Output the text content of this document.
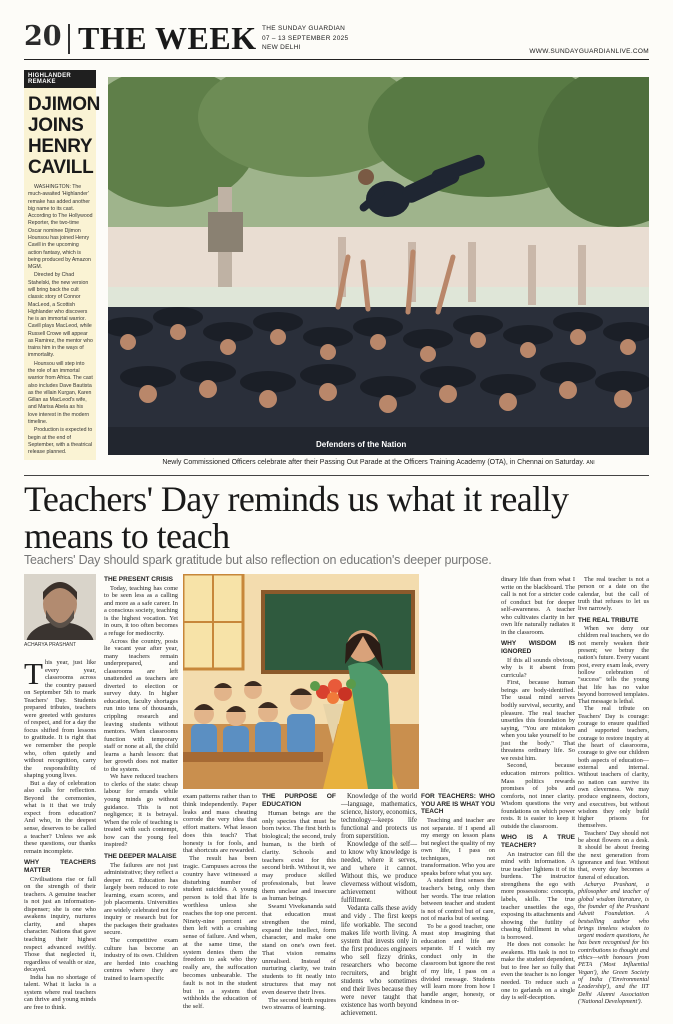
20 THE WEEK THE SUNDAY GUARDIAN
07 – 13 SEPTEMBER 2025
NEW DELHI
WWW.SUNDAYGUARDIANLIVE.COM
HIGHLANDER REMAKE
DJIMON
JOINS
HENRY
CAVILL

WASHINGTON: The much-awaited 'Highlander' remake has added another big name to its cast. According to The Hollywood Reporter, the two-time Oscar nominee Djimon Hounsou has joined Henry Cavill in the upcoming action fantasy, which is being produced by Amazon MGM.

Directed by Chad Stahelski, the new version will bring back the cult classic story of Connor MacLeod, a Scottish Highlander who discovers he is an immortal warrior. Cavill plays MacLeod, while Russell Crowe will appear as Ramirez, the mentor who trains him in the ways of immortality.

Hounsou will step into the role of an immortal warrior from Africa. The cast also includes Dave Bautista as the villain Kurgan, Karen Gillan as MacLeod's wife, and Marisa Abela as his love interest in the modern timeline.

Production is expected to begin at the end of September, with a theatrical release planned.

Defenders of the Nation
Newly Commissioned Officers celebrate after their Passing Out Parade at the Officers Training Academy (OTA), in Chennai on Saturday. ANI
Teachers' Day reminds us what it really
means to teach
Teachers' Day should spark gratitude but also reflection on education's deeper purpose.
ACHARYA PRASHANT

This year, just like every year, classrooms across the country paused on September 5th to mark Teachers' Day. Students prepared tributes, teachers were greeted with gestures of respect, and for a day the focus shifted from lessons to gratitude. It is right that we remember the people who, often quietly and without recognition, carry the responsibility of shaping young lives.

But a day of celebration also calls for reflection. Beyond the ceremonies, what is it that we truly expect from education? And who, in the deepest sense, deserves to be called a teacher? Unless we ask these questions, our thanks remain incomplete.

WHY TEACHERS MATTER

Civilisations rise or fall on the strength of their teachers. A genuine teacher is not just an information-dispenser; she is one who awakens inquiry, nurtures clarity, and shapes character. Nations that gave teaching their highest respect advanced swiftly. Those that neglected it, regardless of wealth or size, decayed.

India has no shortage of talent. What it lacks is a system where real teachers can thrive and young minds are free to think.

THE PRESENT CRISIS

Today, teaching has come to be seen less as a calling and more as a safe career. In a conscious society, teaching is the highest vocation. Yet in ours, it too often becomes a refuge for mediocrity.

Across the country, posts lie vacant year after year, many teachers remain underprepared, and classrooms are left unattended as teachers are diverted to election or survey duty. In higher education, faculty shortages run into tens of thousands, crippling research and leaving students without mentors. When classrooms function with temporary staff or none at all, the child learns a harsh lesson: that her growth does not matter to the system.

We have reduced teachers to clerks of the state: cheap labour for errands while young minds go without guidance. This is not negligence; it is betrayal. When the role of teaching is treated with such contempt, how can the young feel inspired?

THE DEEPER MALAISE

The failures are not just administrative; they reflect a deeper rot. Education has largely been reduced to rote learning, exam scores, and job placements. Universities are widely celebrated not for inquiry or research but for the packages their graduates secure.

The competitive exam culture has become an industry of its own. Children are herded into coaching centres where they are trained to learn specific

exam patterns rather than to think independently. Paper leaks and mass cheating corrode the very idea that effort matters. What lesson does this teach? That honesty is for fools, and that shortcuts are rewarded.

The result has been tragic. Campuses across the country have witnessed a disturbing number of student suicides. A young person is told that life is worthless unless she reaches the top one percent. Ninety-nine percent are then left with a crushing sense of failure. And when, at the same time, the system denies them the freedom to ask who they really are, the suffocation becomes unbearable. The fault is not in the student but in a system that withholds the education of the self.

THE PURPOSE OF EDUCATION

Human beings are the only species that must be born twice. The first birth is biological; the second, truly human, is the birth of clarity. Schools and teachers exist for this second birth. Without it, we may produce skilled professionals, but leave them unclear and insecure as human beings.

Swami Vivekananda said that education must strengthen the mind, expand the intellect, form character, and make one stand on one's own feet. That vision remains unrealised. Instead of nurturing clarity, we train students to fit neatly into structures that may not even deserve their lives.

The second birth requires two streams of learning.

Knowledge of the world—language, mathematics, science, history, economics, technology—keeps life functional and protects us from superstition.

Knowledge of the self—to know why knowledge is needed, where it serves, and where it cannot. Without this, we produce cleverness without wisdom, achievement without fulfillment.

Vedanta calls these avidy and vidy . The first keeps life workable. The second makes life worth living. A system that invests only in the first produces engineers who sell fizzy drinks, researchers who become recruiters, and bright students who sometimes end their lives because they were never taught that existence has worth beyond achievement.

FOR TEACHERS: WHO YOU ARE IS WHAT YOU TEACH

Teaching and teacher are not separate. If I spend all my energy on lesson plans but neglect the quality of my own life, I pass on techniques, not transformation. Who you are speaks before what you say.

A student first senses the teacher's being, only then her words. The true relation between teacher and student is not of control but of care, not of marks but of seeing.

To be a good teacher, one must stop imagining that education and life are separate. If I watch my conduct only in the classroom but ignore the rest of my life, I pass on a divided message. Students will learn more from how I handle anger, honesty, or kindness in or-

dinary life than from what I write on the blackboard. The call is not for a stricter code of conduct but for deeper self-awareness. A teacher who cultivates clarity in her own life naturally radiates it in the classroom.

WHY WISDOM IS IGNORED

If this all sounds obvious, why is it absent from curricula?

First, because human beings are body-identified. The usual mind serves bodily survival, security, and pleasure. The real teacher unsettles this foundation by saying, "You are mistaken when you take yourself to be just the body." That threatens ordinary life. So we resist him.

Second, because education mirrors politics. Mass politics rewards promises of jobs and comforts, not inner clarity. Wisdom questions the very foundations on which power rests. It is easier to keep it outside the classroom.

WHO IS A TRUE TEACHER?

An instructor can fill the mind with information. A true teacher lightens it of its burdens. The instructor strengthens the ego with more possessions: concepts, labels, skills. The true teacher unsettles the ego, exposing its attachments and showing the futility of chasing fulfillment in what is borrowed.

He does not console: he awakens. His task is not to make the student dependent, but to free her so fully that even the teacher is no longer needed. To reduce such a one to garlands on a single day is self-deception.

The real teacher is not a person or a date on the calendar, but the call of truth that refuses to let us live narrowly.

THE REAL TRIBUTE

When we deny our children real teachers, we do not merely weaken their present; we betray the nation's future. Every vacant post, every exam leak, every hollow celebration of "success" tells the young that life has no value beyond borrowed templates. That message is lethal.

The real tribute on Teachers' Day is courage: courage to ensure qualified and supported teachers, courage to restore inquiry at the heart of classrooms, courage to give our children both aspects of education—external and internal. Without teachers of clarity, no nation can survive its own cleverness. We may produce engineers, doctors, and executives, but without wisdom they only build higher prisons for themselves.

Teachers' Day should not be about flowers on a desk. It should be about freeing the next generation from ignorance and fear. Without that, every day becomes a funeral of education.

Acharya Prashant, a philosopher and teacher of global wisdom literature, is the founder of the Prashant Advait Foundation. A bestselling author who brings timeless wisdom to urgent modern questions, he has been recognised for his contributions to thought and ethics—with honours from PETA ('Most Influential Vegan'), the Green Society of India ('Environmental Leadership'), and the IIT Delhi Alumni Association ('National Development').
